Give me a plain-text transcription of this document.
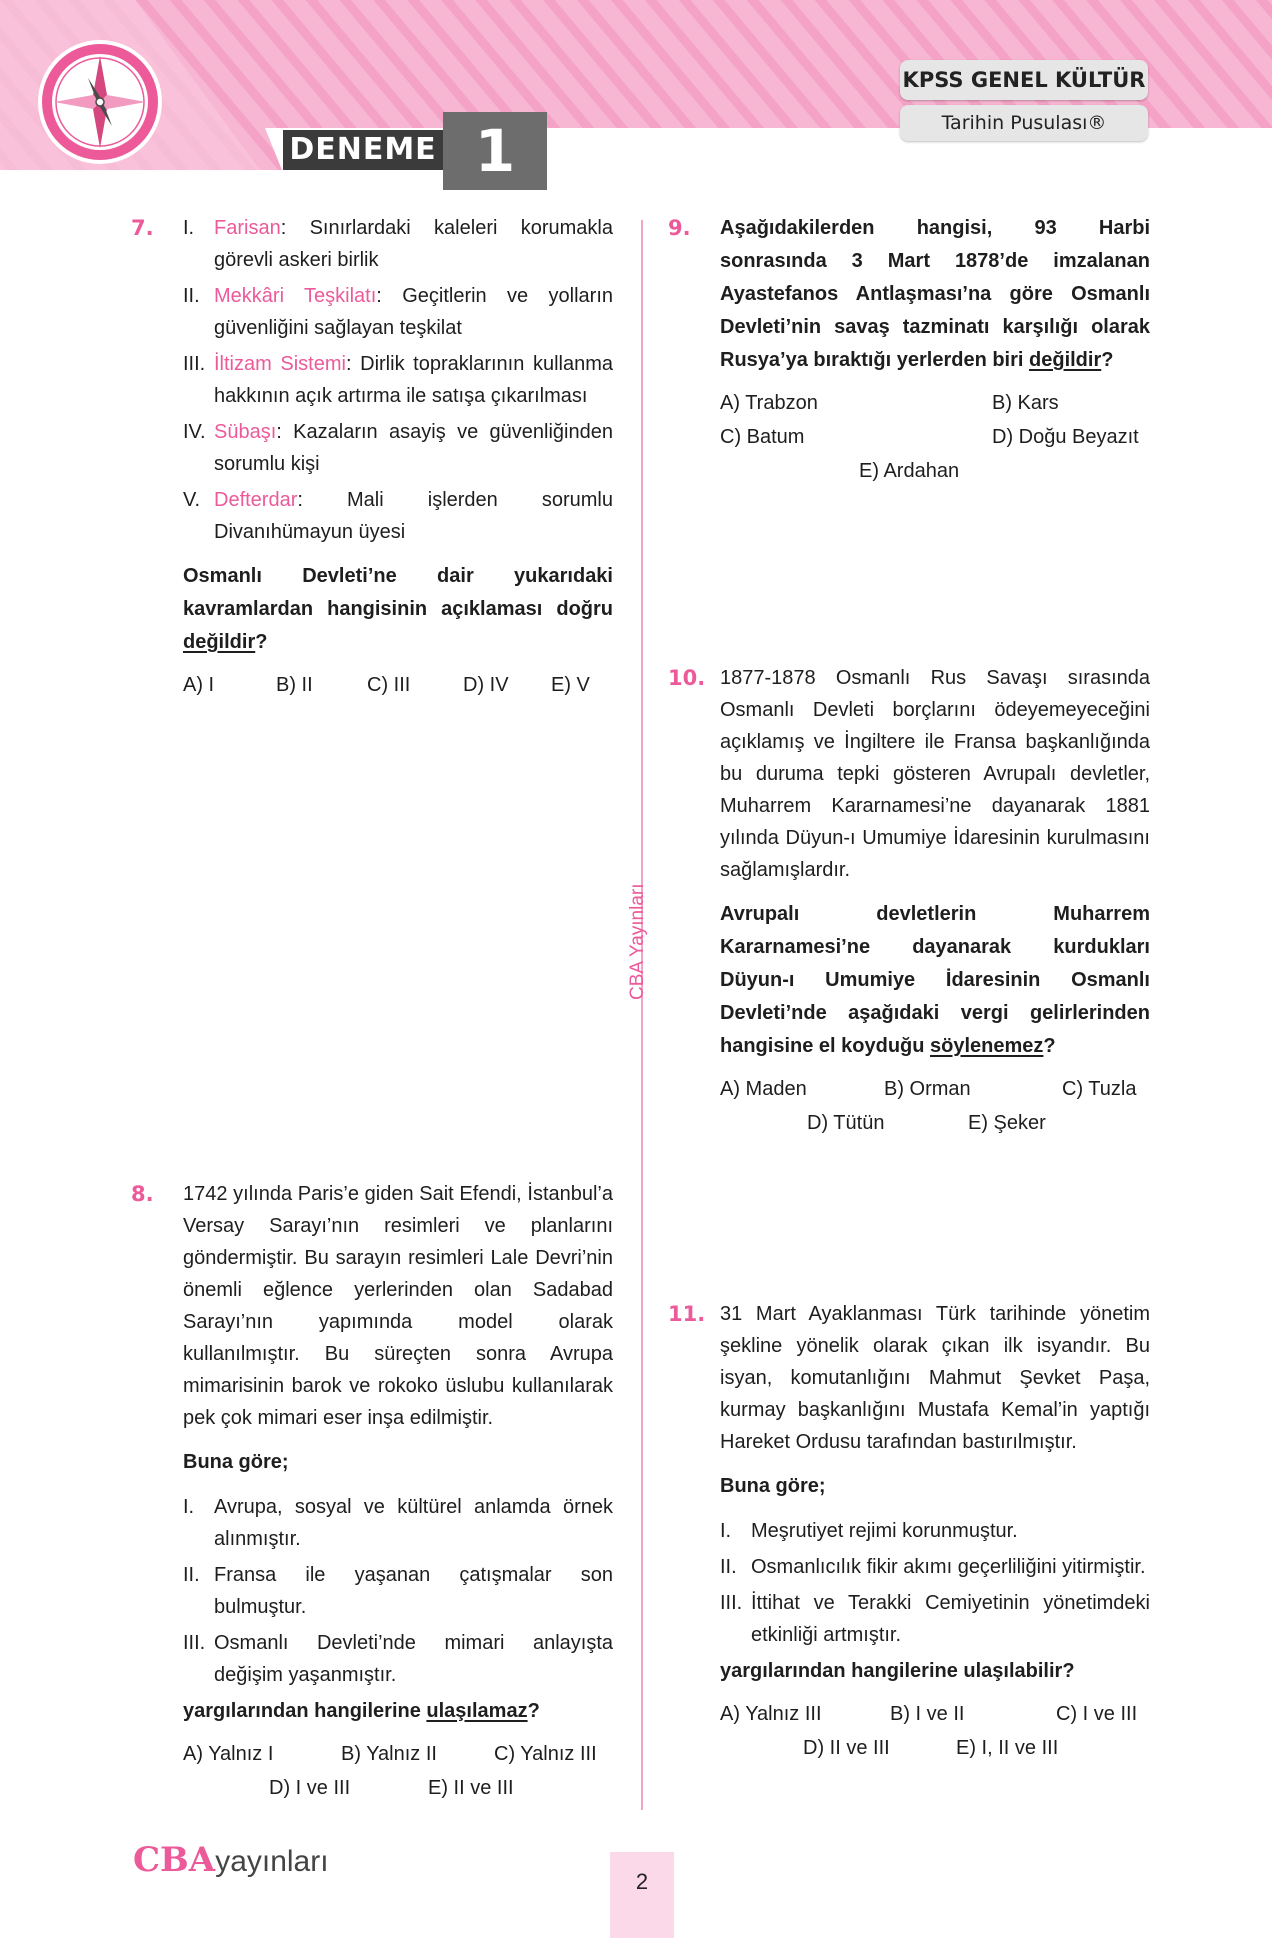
KPSS GENEL KÜLTÜR
Tarihin Pusulası®
DENEME 1
CBA Yayınları
7. I. Farisan: Sınırlardaki kaleleri korumakla görevli askeri birlik
II. Mekkâri Teşkilatı: Geçitlerin ve yolların güvenliğini sağlayan teşkilat
III. İltizam Sistemi: Dirlik topraklarının kullanma hakkının açık artırma ile satışa çıkarılması
IV. Sübaşı: Kazaların asayiş ve güvenliğinden sorumlu kişi
V. Defterdar: Mali işlerden sorumlu Divanıhümayun üyesi
Osmanlı Devleti’ne dair yukarıdaki kavramlardan hangisinin açıklaması doğru değildir?
A) I	B) II	C) III	D) IV E) V
8. 1742 yılında Paris’e giden Sait Efendi, İstanbul’a Versay Sarayı’nın resimleri ve planlarını göndermiştir. Bu sarayın resimleri Lale Devri’nin önemli eğlence yerlerinden olan Sadabad Sarayı’nın yapımında model olarak kullanılmıştır. Bu süreçten sonra Avrupa mimarisinin barok ve rokoko üslubu kullanılarak pek çok mimari eser inşa edilmiştir.
Buna göre;
I. Avrupa, sosyal ve kültürel anlamda örnek alınmıştır.
II. Fransa ile yaşanan çatışmalar son bulmuştur.
III. Osmanlı Devleti’nde mimari anlayışta değişim yaşanmıştır.
yargılarından hangilerine ulaşılamaz?
A) Yalnız I	B) Yalnız II	C) Yalnız III
D) I ve III	E) II ve III
9. Aşağıdakilerden hangisi, 93 Harbi sonrasında 3 Mart 1878’de imzalanan Ayastefanos Antlaşması’na göre Osmanlı Devleti’nin savaş tazminatı karşılığı olarak Rusya’ya bıraktığı yerlerden biri değildir?
A) Trabzon	B) Kars
C) Batum	D) Doğu Beyazıt
E) Ardahan
10. 1877-1878 Osmanlı Rus Savaşı sırasında Osmanlı Devleti borçlarını ödeyemeyeceğini açıklamış ve İngiltere ile Fransa başkanlığında bu duruma tepki gösteren Avrupalı devletler, Muharrem Kararnamesi’ne dayanarak 1881 yılında Düyun-ı Umumiye İdaresinin kurulmasını sağlamışlardır.
Avrupalı devletlerin Muharrem Kararnamesi’ne dayanarak kurdukları Düyun-ı Umumiye İdaresinin Osmanlı Devleti’nde aşağıdaki vergi gelirlerinden hangisine el koyduğu söylenemez?
A) Maden	B) Orman	C) Tuzla
D) Tütün	E) Şeker
11. 31 Mart Ayaklanması Türk tarihinde yönetim şekline yönelik olarak çıkan ilk isyandır. Bu isyan, komutanlığını Mahmut Şevket Paşa, kurmay başkanlığını Mustafa Kemal’in yaptığı Hareket Ordusu tarafından bastırılmıştır.
Buna göre;
I. Meşrutiyet rejimi korunmuştur.
II. Osmanlıcılık fikir akımı geçerliliğini yitirmiştir.
III. İttihat ve Terakki Cemiyetinin yönetimdeki etkinliği artmıştır.
yargılarından hangilerine ulaşılabilir?
A) Yalnız III	B) I ve II	C) I ve III
D) II ve III	E) I, II ve III
CBAyayınları
2
